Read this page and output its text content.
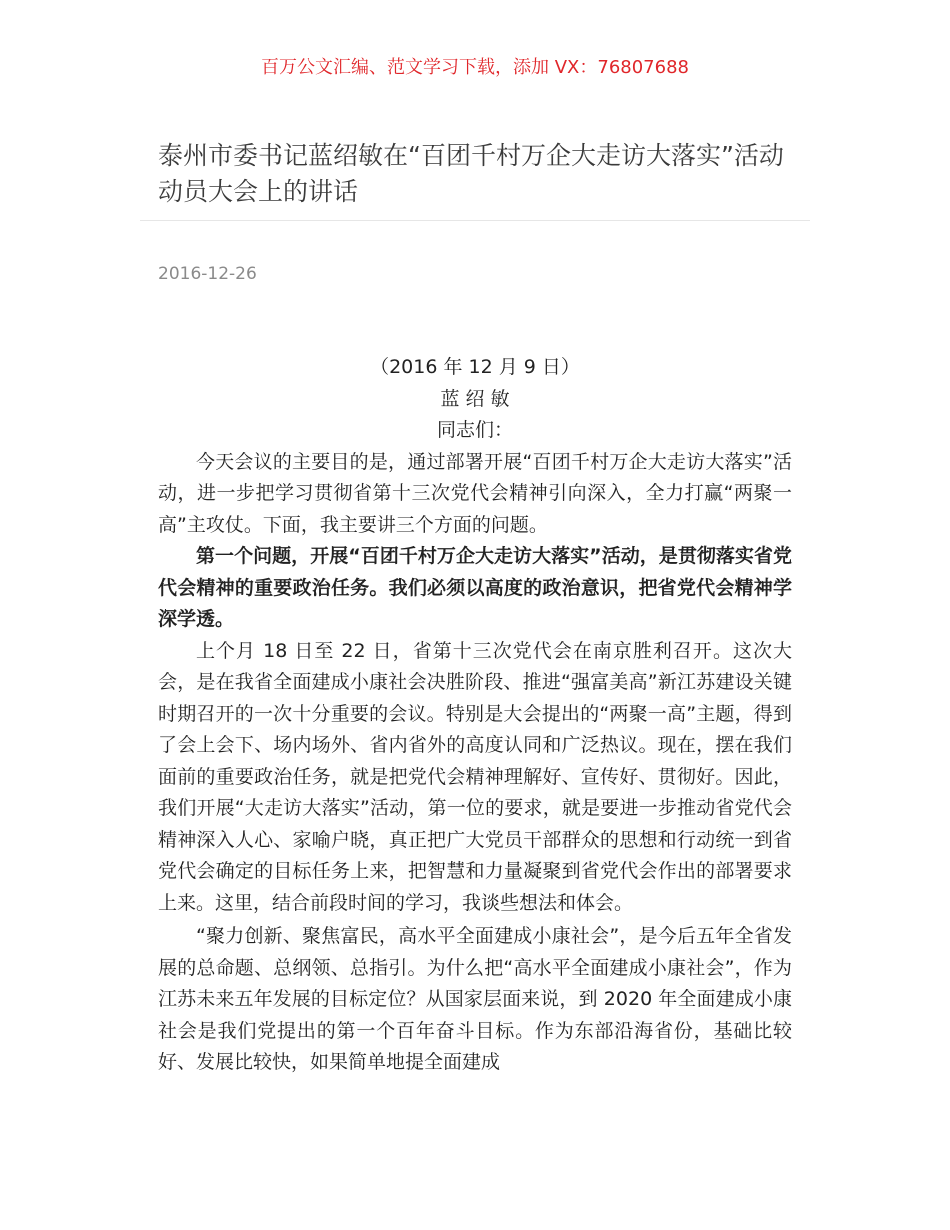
百万公文汇编、范文学习下载，添加 VX：76807688
泰州市委书记蓝绍敏在“百团千村万企大走访大落实”活动动员大会上的讲话
2016-12-26
（2016 年 12 月 9 日）
蓝 绍 敏
同志们：

今天会议的主要目的是，通过部署开展“百团千村万企大走访大落实”活动，进一步把学习贯彻省第十三次党代会精神引向深入，全力打赢“两聚一高”主攻仗。下面，我主要讲三个方面的问题。

第一个问题，开展“百团千村万企大走访大落实”活动，是贯彻落实省党代会精神的重要政治任务。我们必须以高度的政治意识，把省党代会精神学深学透。

上个月 18 日至 22 日，省第十三次党代会在南京胜利召开。这次大会，是在我省全面建成小康社会决胜阶段、推进“强富美高”新江苏建设关键时期召开的一次十分重要的会议。特别是大会提出的“两聚一高”主题，得到了会上会下、场内场外、省内省外的高度认同和广泛热议。现在，摆在我们面前的重要政治任务，就是把党代会精神理解好、宣传好、贯彻好。因此，我们开展“大走访大落实”活动，第一位的要求，就是要进一步推动省党代会精神深入人心、家喻户晓，真正把广大党员干部群众的思想和行动统一到省党代会确定的目标任务上来，把智慧和力量凝聚到省党代会作出的部署要求上来。这里，结合前段时间的学习，我谈些想法和体会。

“聚力创新、聚焦富民，高水平全面建成小康社会”，是今后五年全省发展的总命题、总纲领、总指引。为什么把“高水平全面建成小康社会”，作为江苏未来五年发展的目标定位？从国家层面来说，到 2020 年全面建成小康社会是我们党提出的第一个百年奋斗目标。作为东部沿海省份，基础比较好、发展比较快，如果简单地提全面建成
